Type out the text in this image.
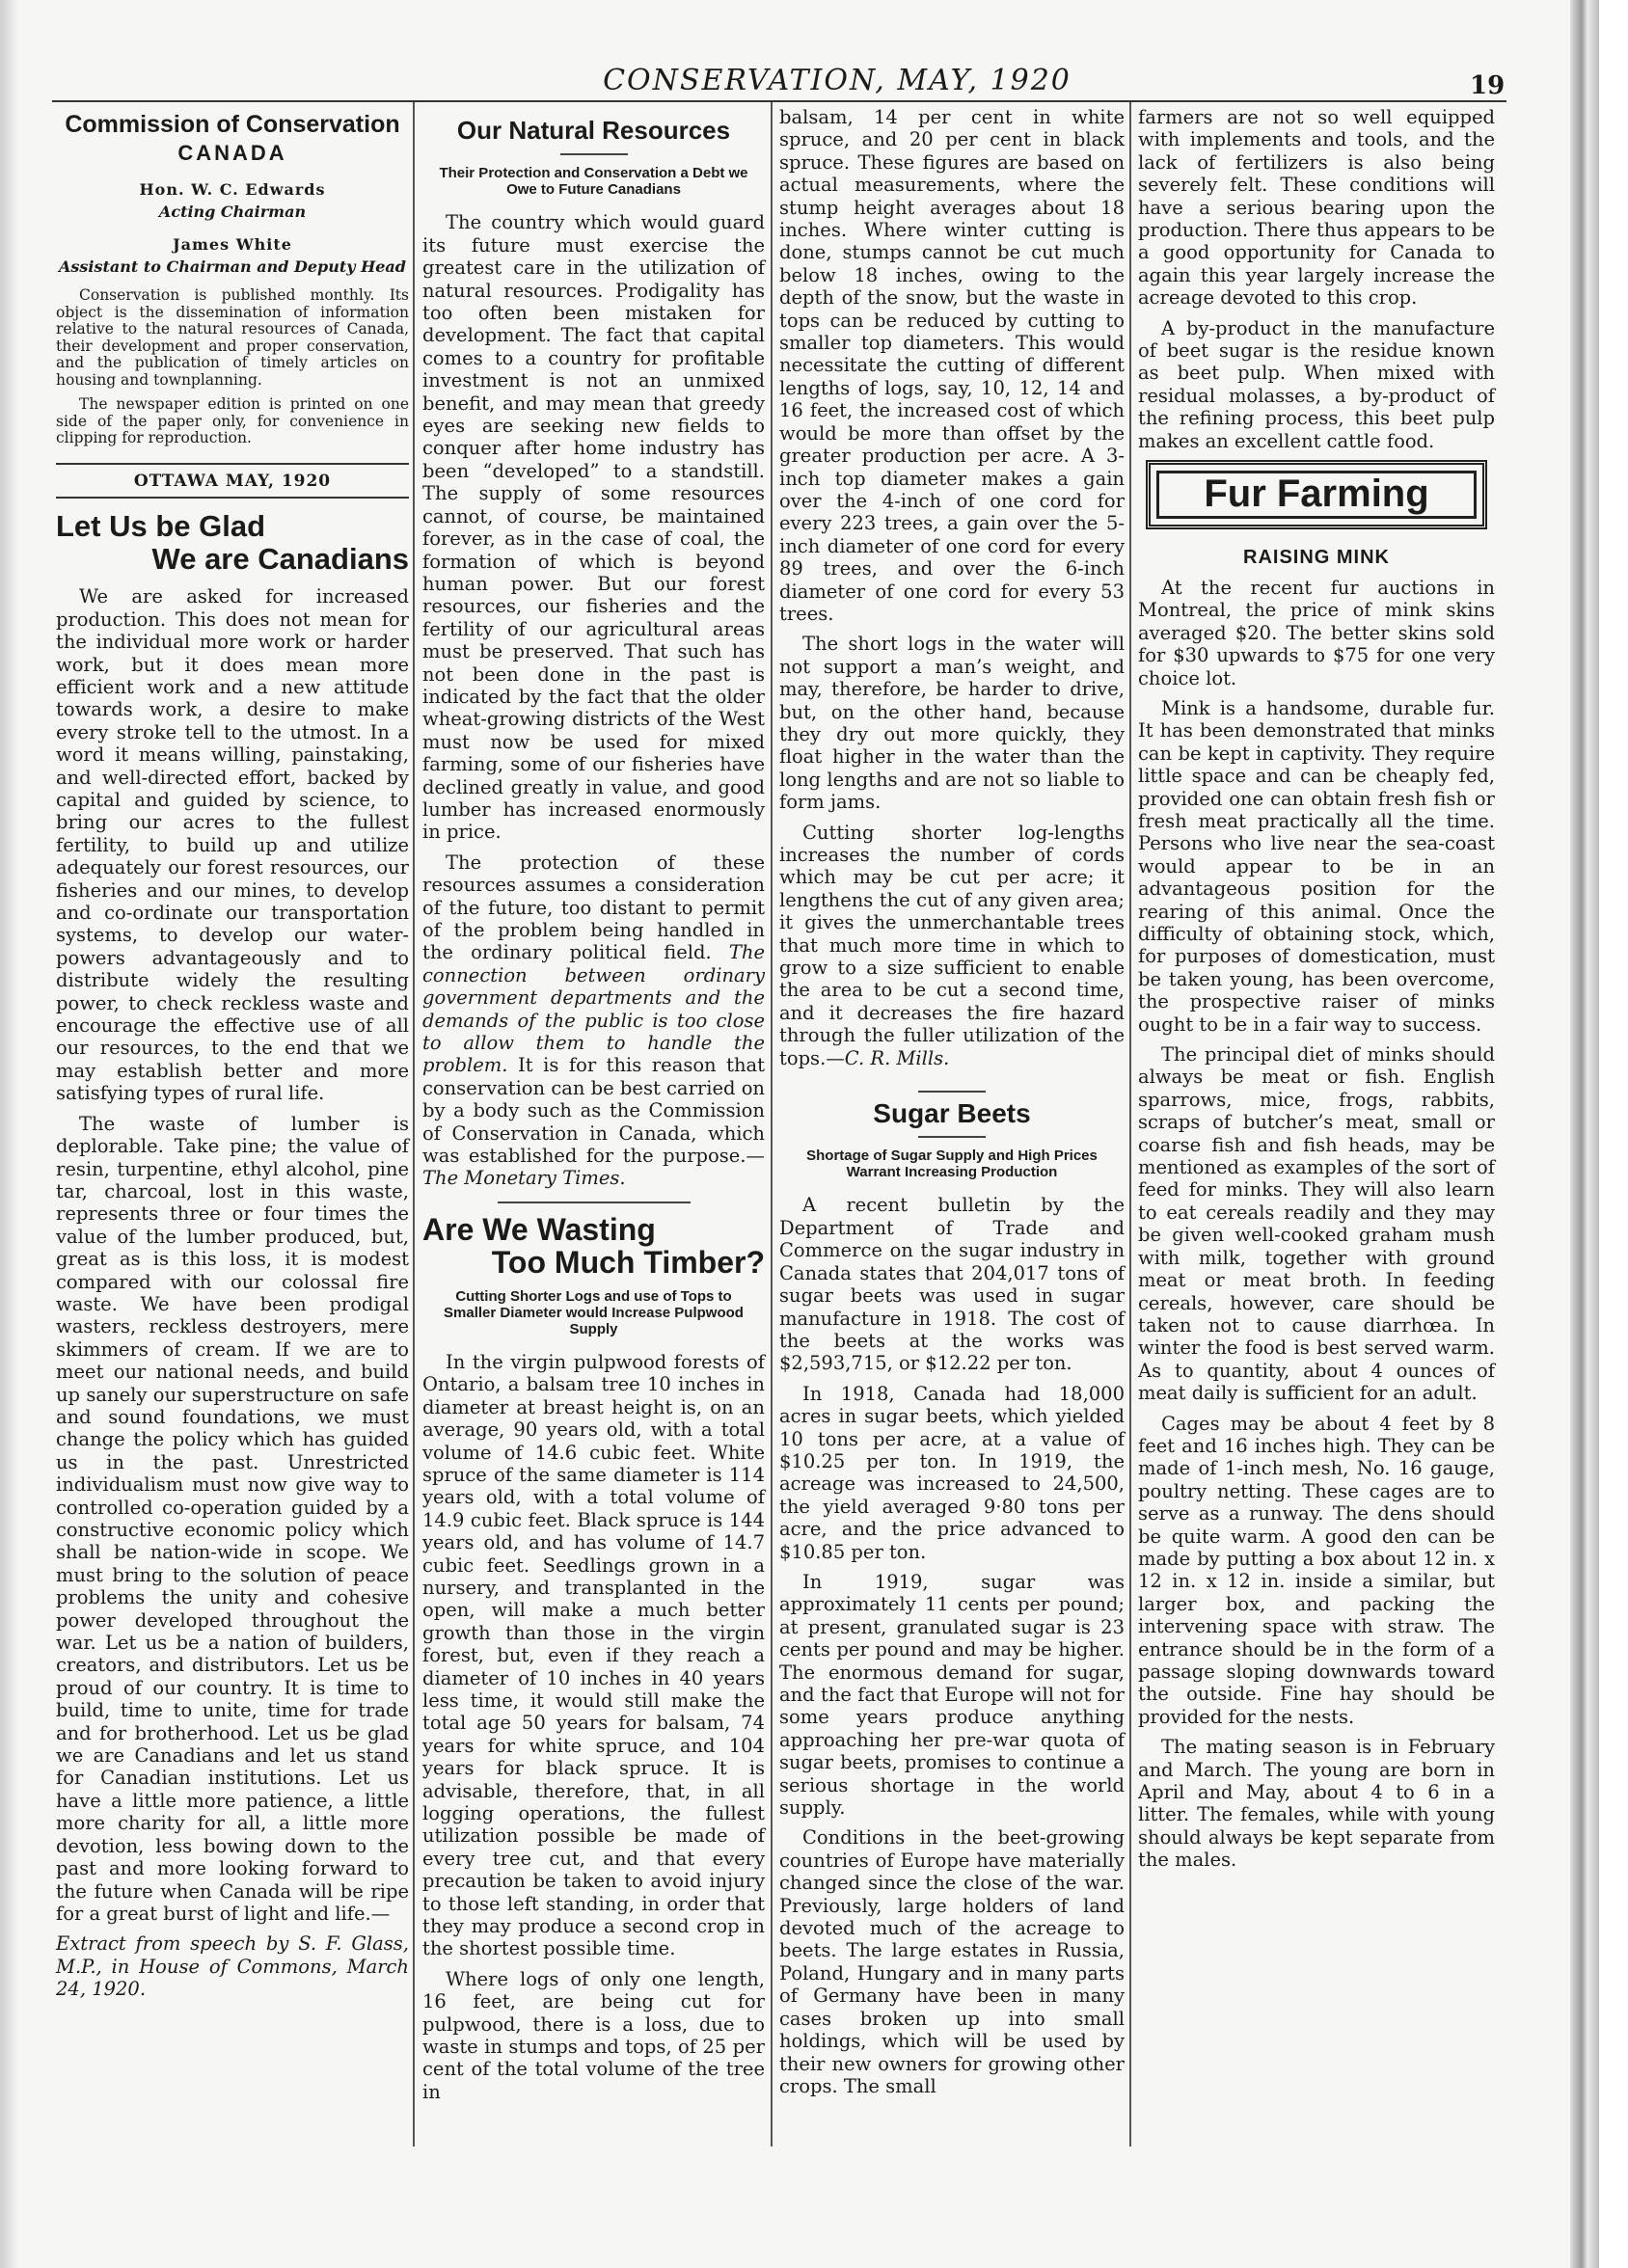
CONSERVATION, MAY, 1920	19
Commission of Conservation
CANADA
Hon. W. C. Edwards
Acting Chairman
James White
Assistant to Chairman and Deputy Head

Conservation is published monthly. Its object is the dissemination of information relative to the natural resources of Canada, their development and proper conservation, and the publication of timely articles on housing and townplanning.

The newspaper edition is printed on one side of the paper only, for convenience in clipping for reproduction.

OTTAWA MAY, 1920
Let Us be Glad
We are Canadians

We are asked for increased production. This does not mean for the individual more work or harder work, but it does mean more efficient work and a new attitude towards work, a desire to make every stroke tell to the utmost. In a word it means willing, painstaking, and well-directed effort, backed by capital and guided by science, to bring our acres to the fullest fertility, to build up and utilize adequately our forest resources, our fisheries and our mines, to develop and co-ordinate our transportation systems, to develop our water-powers advantageously and to distribute widely the resulting power, to check reckless waste and encourage the effective use of all our resources, to the end that we may establish better and more satisfying types of rural life.

The waste of lumber is deplorable. Take pine; the value of resin, turpentine, ethyl alcohol, pine tar, charcoal, lost in this waste, represents three or four times the value of the lumber produced, but, great as is this loss, it is modest compared with our colossal fire waste. We have been prodigal wasters, reckless destroyers, mere skimmers of cream. If we are to meet our national needs, and build up sanely our superstructure on safe and sound foundations, we must change the policy which has guided us in the past. Unrestricted individualism must now give way to controlled co-operation guided by a constructive economic policy which shall be nation-wide in scope. We must bring to the solution of peace problems the unity and cohesive power developed throughout the war. Let us be a nation of builders, creators, and distributors. Let us be proud of our country. It is time to build, time to unite, time for trade and for brotherhood. Let us be glad we are Canadians and let us stand for Canadian institutions. Let us have a little more patience, a little more charity for all, a little more devotion, less bowing down to the past and more looking forward to the future when Canada will be ripe for a great burst of light and life.—

Extract from speech by S. F. Glass, M.P., in House of Commons, March 24, 1920.

Our Natural Resources
Their Protection and Conservation a Debt we Owe to Future Canadians

The country which would guard its future must exercise the greatest care in the utilization of natural resources. Prodigality has too often been mistaken for development. The fact that capital comes to a country for profitable investment is not an unmixed benefit, and may mean that greedy eyes are seeking new fields to conquer after home industry has been “developed” to a standstill. The supply of some resources cannot, of course, be maintained forever, as in the case of coal, the formation of which is beyond human power. But our forest resources, our fisheries and the fertility of our agricultural areas must be preserved. That such has not been done in the past is indicated by the fact that the older wheat-growing districts of the West must now be used for mixed farming, some of our fisheries have declined greatly in value, and good lumber has increased enormously in price.

The protection of these resources assumes a consideration of the future, too distant to permit of the problem being handled in the ordinary political field. The connection between ordinary government departments and the demands of the public is too close to allow them to handle the problem. It is for this reason that conservation can be best carried on by a body such as the Commission of Conservation in Canada, which was established for the purpose.—The Monetary Times.

Are We Wasting
Too Much Timber?
Cutting Shorter Logs and use of Tops to Smaller Diameter would Increase Pulpwood Supply

In the virgin pulpwood forests of Ontario, a balsam tree 10 inches in diameter at breast height is, on an average, 90 years old, with a total volume of 14.6 cubic feet. White spruce of the same diameter is 114 years old, with a total volume of 14.9 cubic feet. Black spruce is 144 years old, and has volume of 14.7 cubic feet. Seedlings grown in a nursery, and transplanted in the open, will make a much better growth than those in the virgin forest, but, even if they reach a diameter of 10 inches in 40 years less time, it would still make the total age 50 years for balsam, 74 years for white spruce, and 104 years for black spruce. It is advisable, therefore, that, in all logging operations, the fullest utilization possible be made of every tree cut, and that every precaution be taken to avoid injury to those left standing, in order that they may produce a second crop in the shortest possible time.

Where logs of only one length, 16 feet, are being cut for pulpwood, there is a loss, due to waste in stumps and tops, of 25 per cent of the total volume of the tree in

balsam, 14 per cent in white spruce, and 20 per cent in black spruce. These figures are based on actual measurements, where the stump height averages about 18 inches. Where winter cutting is done, stumps cannot be cut much below 18 inches, owing to the depth of the snow, but the waste in tops can be reduced by cutting to smaller top diameters. This would necessitate the cutting of different lengths of logs, say, 10, 12, 14 and 16 feet, the increased cost of which would be more than offset by the greater production per acre. A 3-inch top diameter makes a gain over the 4-inch of one cord for every 223 trees, a gain over the 5-inch diameter of one cord for every 89 trees, and over the 6-inch diameter of one cord for every 53 trees.

The short logs in the water will not support a man’s weight, and may, therefore, be harder to drive, but, on the other hand, because they dry out more quickly, they float higher in the water than the long lengths and are not so liable to form jams.

Cutting shorter log-lengths increases the number of cords which may be cut per acre; it lengthens the cut of any given area; it gives the unmerchantable trees that much more time in which to grow to a size sufficient to enable the area to be cut a second time, and it decreases the fire hazard through the fuller utilization of the tops.—C. R. Mills.

Sugar Beets
Shortage of Sugar Supply and High Prices Warrant Increasing Production

A recent bulletin by the Department of Trade and Commerce on the sugar industry in Canada states that 204,017 tons of sugar beets was used in sugar manufacture in 1918. The cost of the beets at the works was $2,593,715, or $12.22 per ton.

In 1918, Canada had 18,000 acres in sugar beets, which yielded 10 tons per acre, at a value of $10.25 per ton. In 1919, the acreage was increased to 24,500, the yield averaged 9·80 tons per acre, and the price advanced to $10.85 per ton.

In 1919, sugar was approximately 11 cents per pound; at present, granulated sugar is 23 cents per pound and may be higher. The enormous demand for sugar, and the fact that Europe will not for some years produce anything approaching her pre-war quota of sugar beets, promises to continue a serious shortage in the world supply.

Conditions in the beet-growing countries of Europe have materially changed since the close of the war. Previously, large holders of land devoted much of the acreage to beets. The large estates in Russia, Poland, Hungary and in many parts of Germany have been in many cases broken up into small holdings, which will be used by their new owners for growing other crops. The small

farmers are not so well equipped with implements and tools, and the lack of fertilizers is also being severely felt. These conditions will have a serious bearing upon the production. There thus appears to be a good opportunity for Canada to again this year largely increase the acreage devoted to this crop.

A by-product in the manufacture of beet sugar is the residue known as beet pulp. When mixed with residual molasses, a by-product of the refining process, this beet pulp makes an excellent cattle food.

Fur Farming
RAISING MINK

At the recent fur auctions in Montreal, the price of mink skins averaged $20. The better skins sold for $30 upwards to $75 for one very choice lot.

Mink is a handsome, durable fur. It has been demonstrated that minks can be kept in captivity. They require little space and can be cheaply fed, provided one can obtain fresh fish or fresh meat practically all the time. Persons who live near the sea-coast would appear to be in an advantageous position for the rearing of this animal. Once the difficulty of obtaining stock, which, for purposes of domestication, must be taken young, has been overcome, the prospective raiser of minks ought to be in a fair way to success.

The principal diet of minks should always be meat or fish. English sparrows, mice, frogs, rabbits, scraps of butcher’s meat, small or coarse fish and fish heads, may be mentioned as examples of the sort of feed for minks. They will also learn to eat cereals readily and they may be given well-cooked graham mush with milk, together with ground meat or meat broth. In feeding cereals, however, care should be taken not to cause diarrhœa. In winter the food is best served warm. As to quantity, about 4 ounces of meat daily is sufficient for an adult.

Cages may be about 4 feet by 8 feet and 16 inches high. They can be made of 1-inch mesh, No. 16 gauge, poultry netting. These cages are to serve as a runway. The dens should be quite warm. A good den can be made by putting a box about 12 in. x 12 in. x 12 in. inside a similar, but larger box, and packing the intervening space with straw. The entrance should be in the form of a passage sloping downwards toward the outside. Fine hay should be provided for the nests.

The mating season is in February and March. The young are born in April and May, about 4 to 6 in a litter. The females, while with young should always be kept separate from the males.
